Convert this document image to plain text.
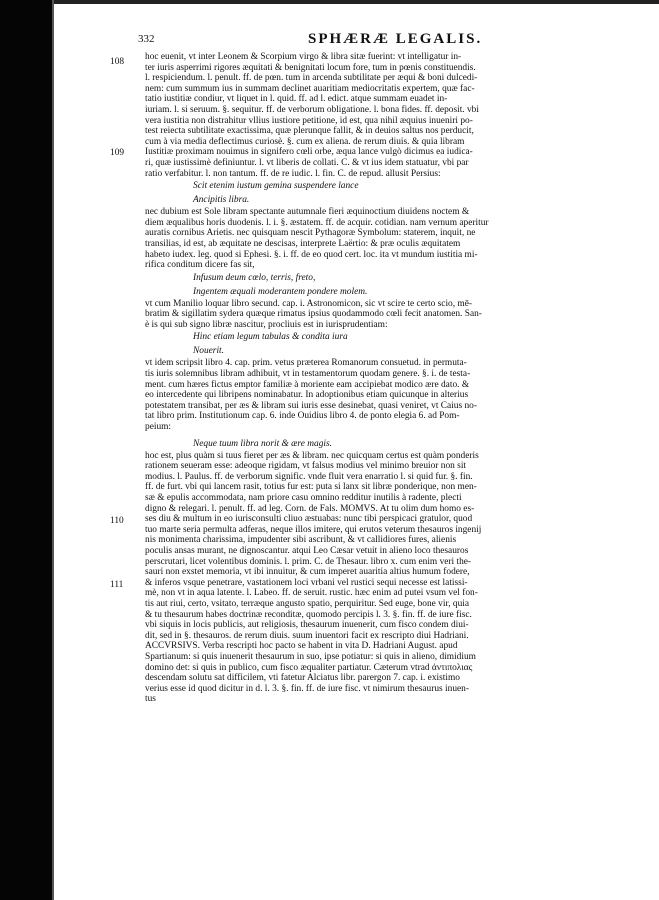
332	SPHÆRÆ LEGALIS.
108
109
110
111
hoc euenit, vt inter Leonem & Scorpium virgo & libra sitæ fuerint: vt intelligatur in-
ter iuris asperrimi rigores æquitati & benignitati locum fore, tum in pœnis constituendis.
l. respiciendum. l. penult. ff. de pœn. tum in arcenda subtilitate per æqui & boni dulcedi-
nem: cum summum ius in summam declinet auaritiam mediocritatis expertem, quæ fac-
tatio iustitiæ condiur, vt liquet in l. quid. ff. ad l. edict. atque summam euadet in-
iuriam. l. si seruum. §. sequitur. ff. de verborum obligatione. l. bona fides. ff. deposit. vbi
vera iustitia non distrahitur vllius iustiore petitione, id est, qua nihil æquius inueniri po-
test reiecta subtilitate exactissima, quæ plerunque fallit, & in deuios saltus nos perducit,
cum à via media deflectimus curiosè. §. cum ex aliena. de rerum diuis. & quia libram
Iustitiæ proximam nouimus in signifero cœli orbe, æqua lance vulgò dicimus ea iudica-
ri, quæ iustissimè definiuntur. l. vt liberis de collati. C. & vt ius idem statuatur, vbi par
ratio verfabitur. l. non tantum. ff. de re iudic. l. fin. C. de repud. allusit Persius:
Scit etenim iustum gemina suspendere lance
Ancipitis libra.
nec dubium est Sole libram spectante autumnale fieri æquinoctium diuidens noctem &
diem æqualibus horis duodenis. l. i. §. æstatem. ff. de acquir. cotidian. nam vernum aperitur
auratis cornibus Arietis. nec quisquam nescit Pythagoræ Symbolum: staterem, inquit, ne
transilias, id est, ab æquitate ne descisas, interprete Laërtio: & præ oculis æquitatem
habeto iudex. leg. quod si Ephesi. §. i. ff. de eo quod cert. loc. ita vt mundum iustitia mi-
rifica conditum dicere fas sit,
Infusum deum cœlo, terris, freto,
Ingentem æquali moderantem pondere molem.
vt cum Manilio loquar libro secund. cap. i. Astronomicon, sic vt scire te certo scio, mē-
bratim & sigillatim sydera quæque rimatus ipsius quodammodo cœli fecit anatomen. San-
è is qui sub signo libræ nascitur, procliuis est in iurisprudentiam:
Hinc etiam legum tabulas & condita iura
Nouerit.
vt idem scripsit libro 4. cap. prim. vetus præterea Romanorum consuetud. in permuta-
tis iuris solemnibus libram adhibuit, vt in testamentorum quodam genere. §. i. de testa-
ment. cum hæres fictus emptor familiæ à moriente eam accipiebat modico ære dato. &
eo intercedente qui libripens nominabatur. In adoptionibus etiam quicunque in alterius
potestatem transibat, per æs & libram sui iuris esse desinebat, quasi veniret, vt Caius no-
tat libro prim. Institutionum cap. 6. inde Ouidius libro 4. de ponto elegia 6. ad Pom-
peium:
Neque tuum libra norit & ære magis.
hoc est, plus quàm si tuus fieret per æs & libram. nec quicquam certus est quàm ponderis
rationem seueram esse: adeoque rigidam, vt falsus modius vel minimo breuior non sit
modius. l. Paulus. ff. de verborum signific. vnde fluit vera enarratio l. si quid fur. §. fin.
ff. de furt. vbi qui lancem rasit, totius fur est: puta si lanx sit libræ ponderique, non men-
sæ & epulis accommodata, nam priore casu omnino redditur inutilis à radente, plecti
digno & relegari. l. penult. ff. ad leg. Corn. de Fals. MOMVS. At tu olim dum homo es-
ses diu & multum in eo iurisconsulti cliuo æstuabas: nunc tibi perspicaci gratulor, quod
tuo marte seria permulta adferas, neque illos imitere, qui erutos veterum thesauros ingenij
nis monimenta charissima, impudenter sibi ascribunt, & vt callidiores fures, alienis
poculis ansas murant, ne dignoscantur. atqui Leo Cæsar vetuit in alieno loco thesauros
perscrutari, licet volentibus dominis. l. prim. C. de Thesaur. libro x. cum enim veri the-
sauri non exstet memoria, vt ibi innuitur, & cum imperet auaritia altius humum fodere,
& inferos vsque penetrare, vastationem loci vrbani vel rustici sequi necesse est latissi-
mè, non vt in aqua latente. l. Labeo. ff. de seruit. rustic. hæc enim ad putei vsum vel fon-
tis aut riui, certo, vsitato, terræque angusto spatio, perquiritur. Sed euge, bone vir, quia
& tu thesaurum habes doctrinæ reconditæ, quomodo percipis l. 3. §. fin. ff. de iure fisc.
vbi siquis in locis publicis, aut religiosis, thesaurum inuenerit, cum fisco condem diui-
dit, sed in §. thesauros. de rerum diuis. suum inuentori facit ex rescripto diui Hadriani.
ACCVRSIVS. Verba rescripti hoc pacto se habent in vita D. Hadriani August. apud
Spartianum: si quis inuenerit thesaurum in suo, ipse potiatur: si quis in alieno, dimidium
domino det: si quis in publico, cum fisco æqualiter partiatur. Cæterum vtrad ἀντιπολιας
descendam solutu sat difficilem, vti fatetur Alciatus libr. parergon 7. cap. i. existimo
verius esse id quod dicitur in d. l. 3. §. fin. ff. de iure fisc. vt nimirum thesaurus inuen-
tus
